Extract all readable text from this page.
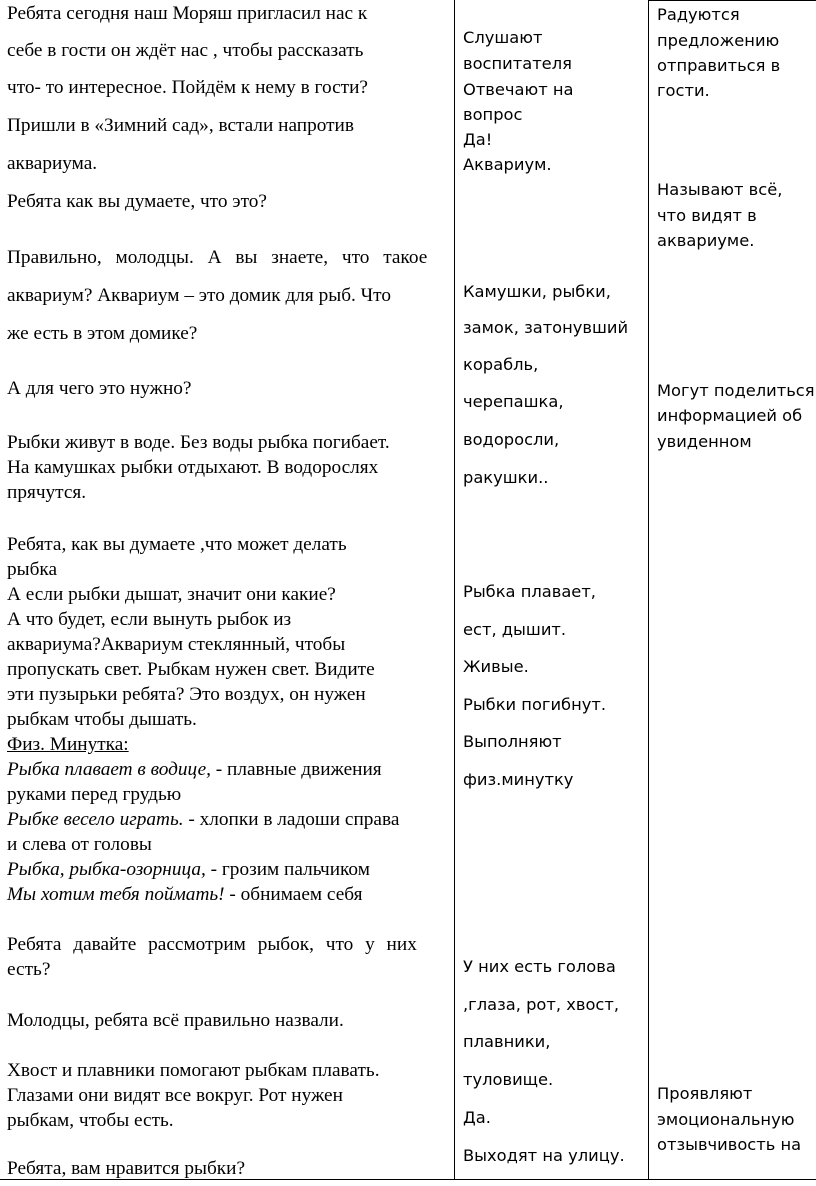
Ребята сегодня наш Моряш пригласил нас к

себе в гости он ждёт нас , чтобы рассказать

что- то интересное. Пойдём к нему в гости?

Пришли в «Зимний сад», встали напротив

аквариума.

Ребята как вы думаете, что это?

Правильно, молодцы. А вы знаете, что такое

аквариум? Аквариум – это домик для рыб. Что

же есть в этом домике?

А для чего это нужно?

Рыбки живут в воде. Без воды рыбка погибает.

На камушках рыбки отдыхают. В водорослях

прячутся.

Ребята, как вы думаете ,что может делать

рыбка

А если рыбки дышат, значит они какие?

А что будет, если вынуть рыбок из

аквариума?Аквариум стеклянный, чтобы

пропускать свет. Рыбкам нужен свет. Видите

эти пузырьки ребята? Это воздух, он нужен

рыбкам чтобы дышать.

Физ. Минутка:

Рыбка плавает в водице, - плавные движения

руками перед грудью

Рыбке весело играть. - хлопки в ладоши справа

и слева от головы

Рыбка, рыбка-озорница, - грозим пальчиком

Мы хотим тебя поймать! - обнимаем себя

Ребята давайте рассмотрим рыбок, что у них

есть?

Молодцы, ребята всё правильно назвали.

Хвост и плавники помогают рыбкам плавать.

Глазами они видят все вокруг. Рот нужен

рыбкам, чтобы есть.

Ребята, вам нравится рыбки?

Слушают

воспитателя

Отвечают на

вопрос

Да!

Аквариум.

Камушки, рыбки,

замок, затонувший

корабль,

черепашка,

водоросли,

ракушки..

Рыбка плавает,

ест, дышит.

Живые.

Рыбки погибнут.

Выполняют

физ.минутку

У них есть голова

,глаза, рот, хвост,

плавники,

туловище.

Да.

Выходят на улицу.

Радуются

предложению

отправиться в

гости.

Называют всё,

что видят в

аквариуме.

Могут поделиться

информацией об

увиденном

Проявляют

эмоциональную

отзывчивость на
